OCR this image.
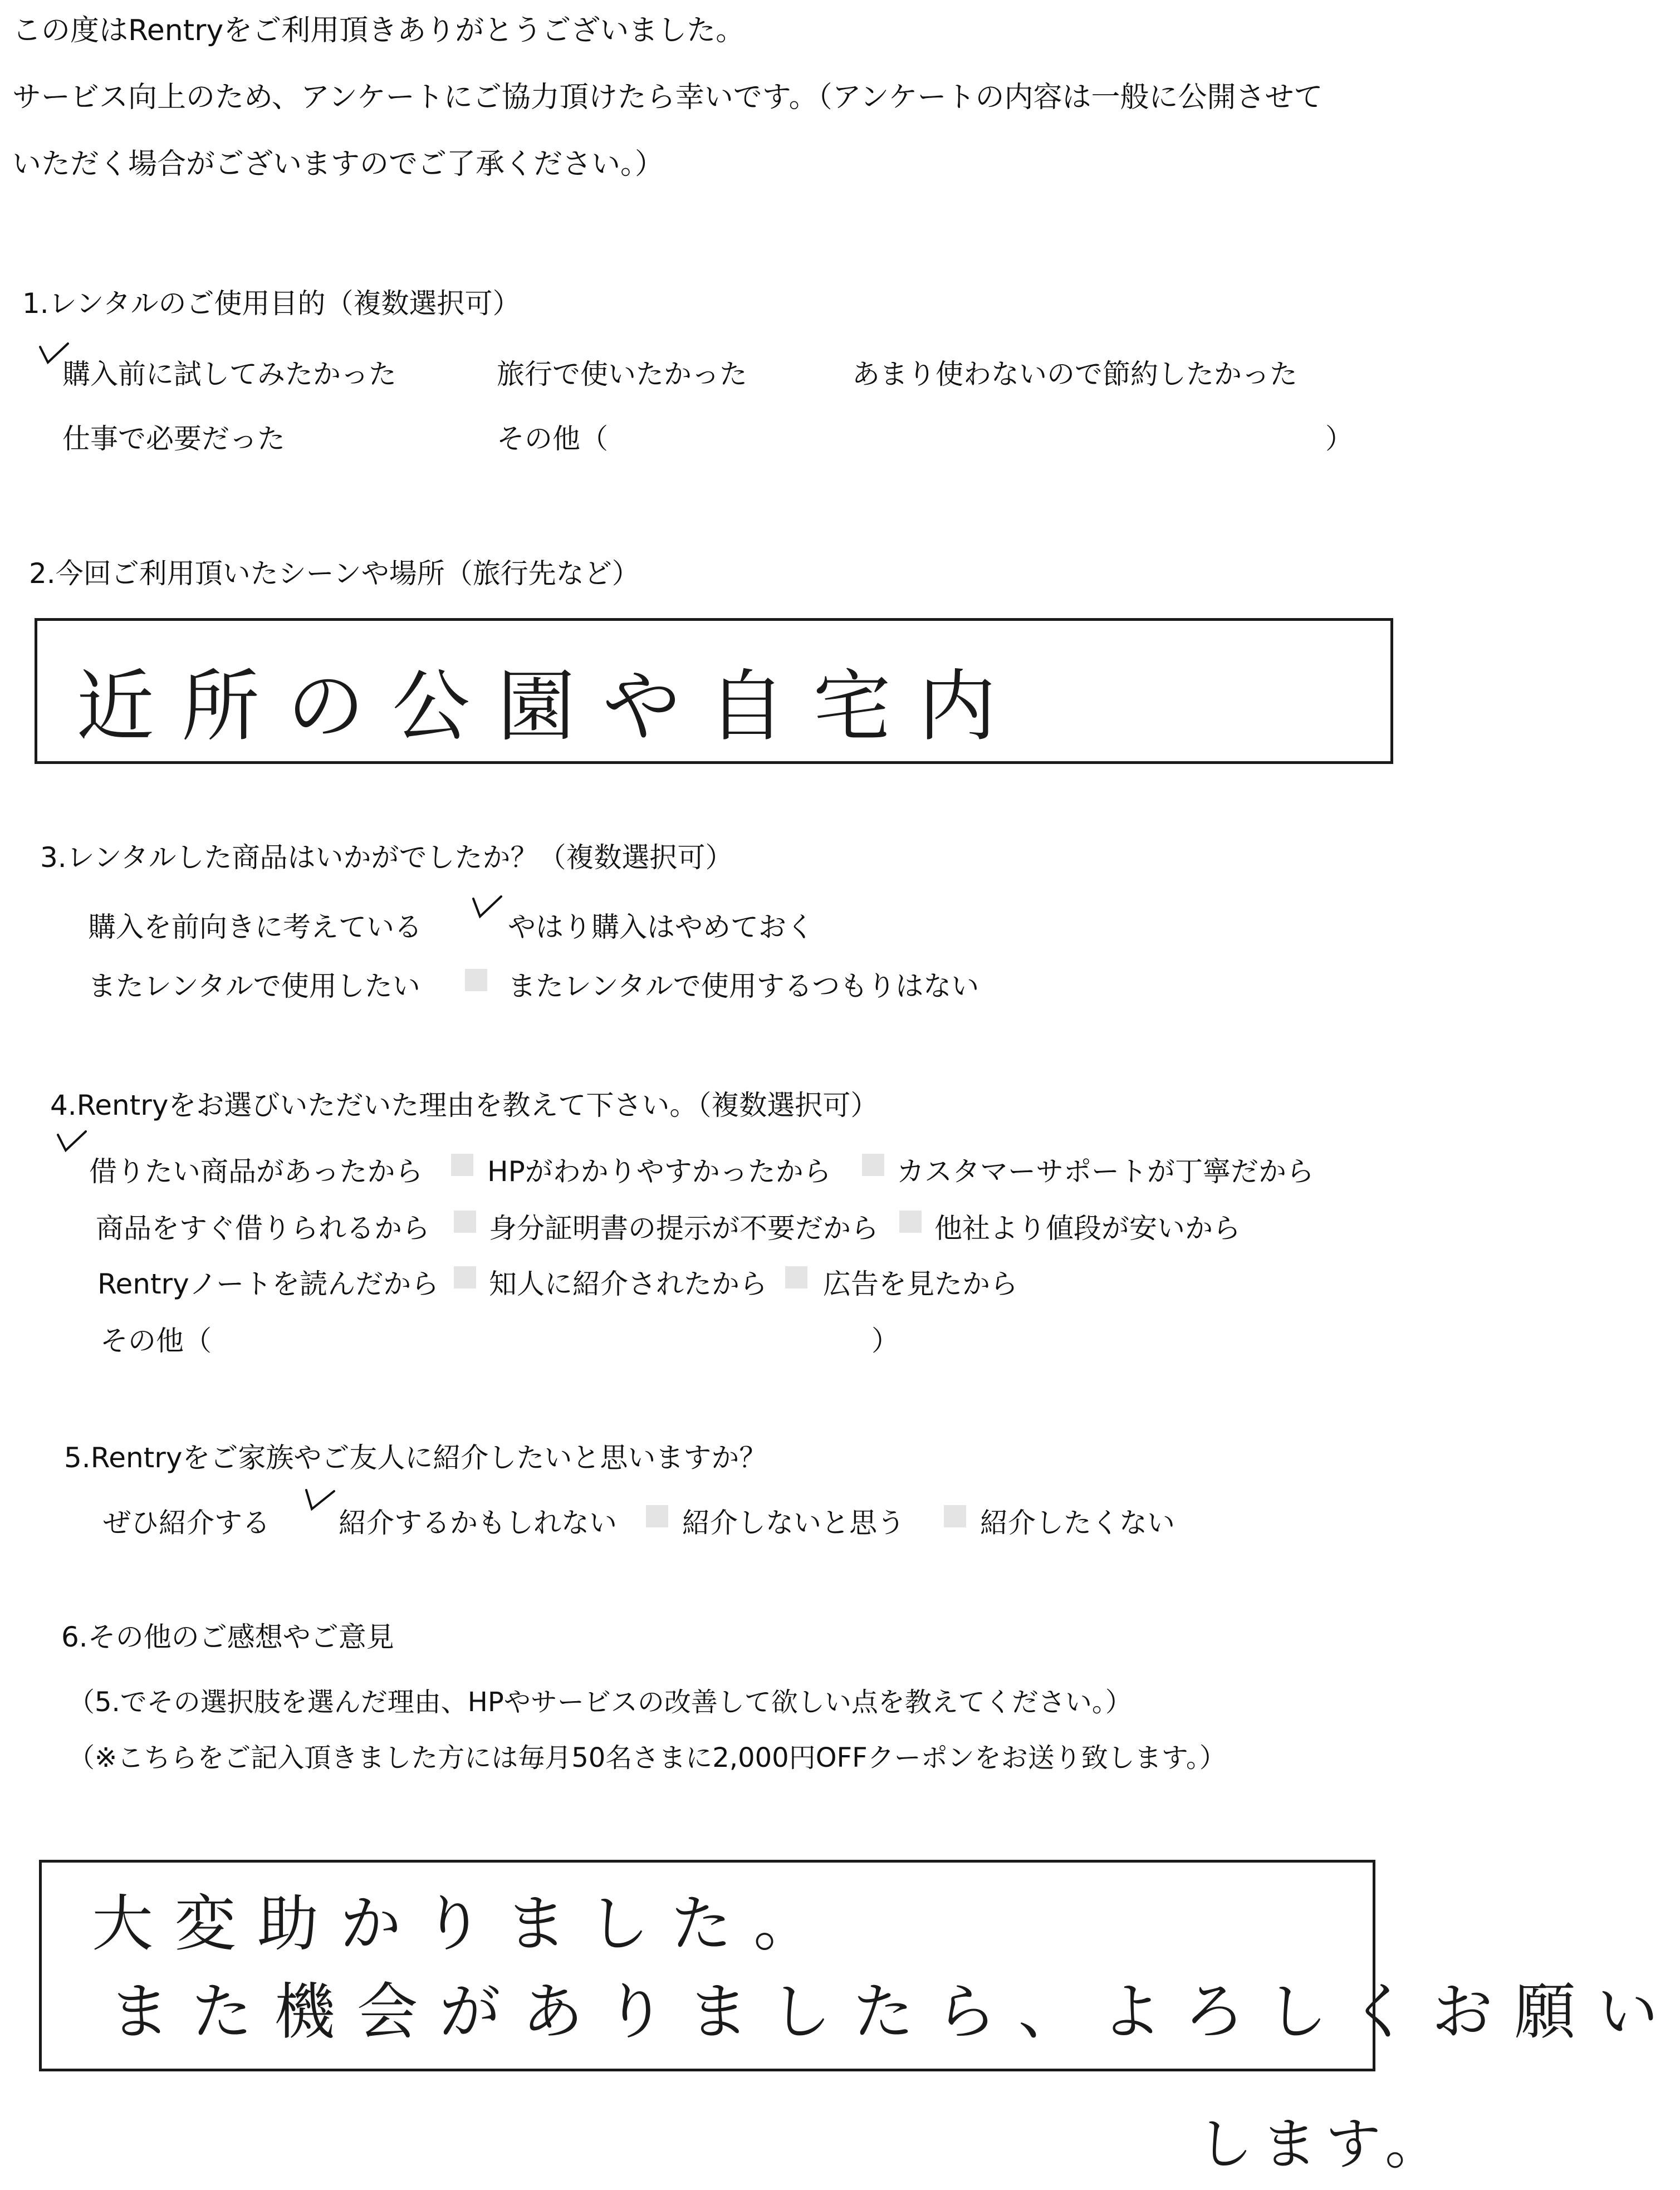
この度はRentryをご利用頂きありがとうございました。
サービス向上のため、アンケートにご協力頂けたら幸いです。（アンケートの内容は一般に公開させて
いただく場合がございますのでご了承ください。）
1.レンタルのご使用目的（複数選択可）
購入前に試してみたかった	旅行で使いたかった	あまり使わないので節約したかった
仕事で必要だった	その他（	）
2.今回ご利用頂いたシーンや場所（旅行先など）
近所の公園や自宅内
3.レンタルした商品はいかがでしたか？（複数選択可）
購入を前向きに考えている	やはり購入はやめておく
またレンタルで使用したい	またレンタルで使用するつもりはない
4.Rentryをお選びいただいた理由を教えて下さい。（複数選択可）
借りたい商品があったから HPがわかりやすかったから カスタマーサポートが丁寧だから
商品をすぐ借りられるから 身分証明書の提示が不要だから 他社より値段が安いから
Rentryノートを読んだから 知人に紹介されたから 広告を見たから
その他（	）
5.Rentryをご家族やご友人に紹介したいと思いますか？
ぜひ紹介する 紹介するかもしれない 紹介しないと思う	紹介したくない
6.その他のご感想やご意見
（5.でその選択肢を選んだ理由、HPやサービスの改善して欲しい点を教えてください。）
（※こちらをご記入頂きました方には毎月50名さまに2,000円OFFクーポンをお送り致します。）
大変助かりました。
また機会がありましたら、よろしくお願い
します。
